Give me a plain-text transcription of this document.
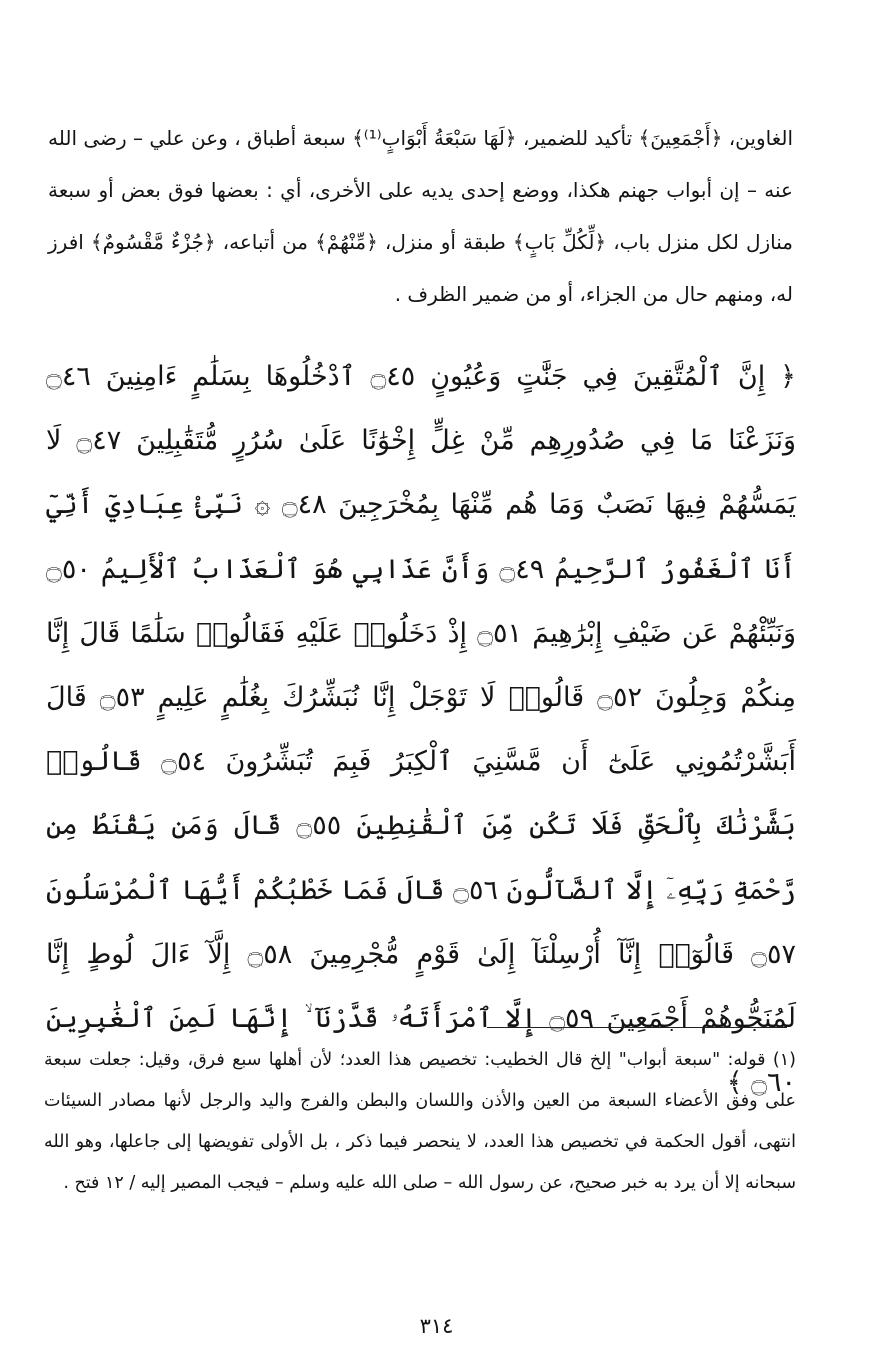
الغاوين، ﴿أَجْمَعِينَ﴾ تأكيد للضمير، ﴿لَهَا سَبْعَةُ أَبْوَابٍ⁽¹⁾﴾ سبعة أطباق ، وعن علي – رضى الله عنه – إن أبواب جهنم هكذا، ووضع إحدى يديه على الأخرى، أي : بعضها فوق بعض أو سبعة منازل لكل منزل باب، ﴿لِّكُلِّ بَابٍ﴾ طبقة أو منزل، ﴿مِّنْهُمْ﴾ من أتباعه، ﴿جُزْءٌ مَّقْسُومٌ﴾ افرز له، ومنهم حال من الجزاء، أو من ضمير الظرف .

﴿ إِنَّ ٱلْمُتَّقِينَ فِي جَنَّٰتٍ وَعُيُونٍ ۝٤٥ ٱدْخُلُوهَا بِسَلَٰمٍ ءَامِنِينَ ۝٤٦ وَنَزَعْنَا مَا فِي صُدُورِهِم مِّنْ غِلٍّ إِخْوَٰنًا عَلَىٰ سُرُرٍ مُّتَقَٰبِلِينَ ۝٤٧ لَا يَمَسُّهُمْ فِيهَا نَصَبٌ وَمَا هُم مِّنْهَا بِمُخْرَجِينَ ۝٤٨ ۞ نَبِّئْ عِبَادِيٓ أَنِّيٓ أَنَا ٱلْغَفُورُ ٱلرَّحِيمُ ۝٤٩ وَأَنَّ عَذَابِي هُوَ ٱلْعَذَابُ ٱلْأَلِيمُ ۝٥٠ وَنَبِّئْهُمْ عَن ضَيْفِ إِبْرَٰهِيمَ ۝٥١ إِذْ دَخَلُوا۟ عَلَيْهِ فَقَالُوا۟ سَلَٰمًا قَالَ إِنَّا مِنكُمْ وَجِلُونَ ۝٥٢ قَالُوا۟ لَا تَوْجَلْ إِنَّا نُبَشِّرُكَ بِغُلَٰمٍ عَلِيمٍ ۝٥٣ قَالَ أَبَشَّرْتُمُونِي عَلَىٰٓ أَن مَّسَّنِيَ ٱلْكِبَرُ فَبِمَ تُبَشِّرُونَ ۝٥٤ قَالُوا۟ بَشَّرْنَٰكَ بِٱلْحَقِّ فَلَا تَكُن مِّنَ ٱلْقَٰنِطِينَ ۝٥٥ قَالَ وَمَن يَقْنَطُ مِن رَّحْمَةِ رَبِّهِۦٓ إِلَّا ٱلضَّآلُّونَ ۝٥٦ قَالَ فَمَا خَطْبُكُمْ أَيُّهَا ٱلْمُرْسَلُونَ ۝٥٧ قَالُوٓا۟ إِنَّآ أُرْسِلْنَآ إِلَىٰ قَوْمٍ مُّجْرِمِينَ ۝٥٨ إِلَّآ ءَالَ لُوطٍ إِنَّا لَمُنَجُّوهُمْ أَجْمَعِينَ ۝٥٩ إِلَّا ٱمْرَأَتَهُۥ قَدَّرْنَآ ۙ إِنَّهَا لَمِنَ ٱلْغَٰبِرِينَ ۝٦٠ ﴾

(١) قوله: "سبعة أبواب" إلخ قال الخطيب: تخصيص هذا العدد؛ لأن أهلها سبع فرق، وقيل: جعلت سبعة على وفق الأعضاء السبعة من العين والأذن واللسان والبطن والفرج واليد والرجل لأنها مصادر السيئات انتهى، أقول الحكمة في تخصيص هذا العدد، لا ينحصر فيما ذكر ، بل الأولى تفويضها إلى جاعلها، وهو الله سبحانه إلا أن يرد به خبر صحيح، عن رسول الله – صلى الله عليه وسلم – فيجب المصير إليه / ١٢ فتح .

٣١٤
